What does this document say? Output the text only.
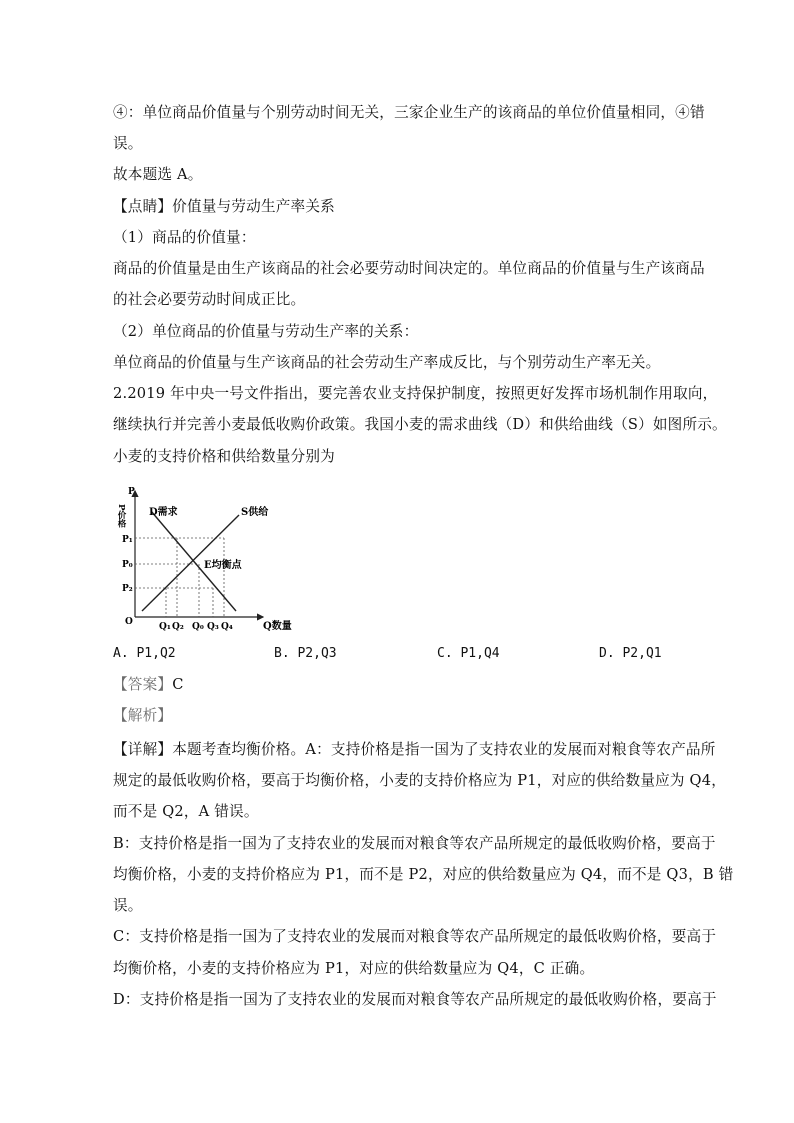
④：单位商品价值量与个别劳动时间无关，三家企业生产的该商品的单位价值量相同，④错
误。
故本题选 A。
【点睛】价值量与劳动生产率关系
（1）商品的价值量：
商品的价值量是由生产该商品的社会必要劳动时间决定的。单位商品的价值量与生产该商品
的社会必要劳动时间成正比。
（2）单位商品的价值量与劳动生产率的关系：
单位商品的价值量与生产该商品的社会劳动生产率成反比，与个别劳动生产率无关。
2.2019 年中央一号文件指出，要完善农业支持保护制度，按照更好发挥市场机制作用取向，
继续执行并完善小麦最低收购价政策。我国小麦的需求曲线（D）和供给曲线（S）如图所示。
小麦的支持价格和供给数量分别为
P
P价格 D需求	S供给
E均衡点
P₁
P₀
P₂
O	Q₁ Q₂ Q₀ Q₃ Q₄	Q数量
A. P1,Q2	B. P2,Q3	C. P1,Q4	D. P2,Q1
【答案】C
【解析】
【详解】本题考查均衡价格。A：支持价格是指一国为了支持农业的发展而对粮食等农产品所
规定的最低收购价格，要高于均衡价格，小麦的支持价格应为 P1，对应的供给数量应为 Q4，
而不是 Q2，A 错误。
B：支持价格是指一国为了支持农业的发展而对粮食等农产品所规定的最低收购价格，要高于
均衡价格，小麦的支持价格应为 P1，而不是 P2，对应的供给数量应为 Q4，而不是 Q3，B 错
误。
C：支持价格是指一国为了支持农业的发展而对粮食等农产品所规定的最低收购价格，要高于
均衡价格，小麦的支持价格应为 P1，对应的供给数量应为 Q4，C 正确。
D：支持价格是指一国为了支持农业的发展而对粮食等农产品所规定的最低收购价格，要高于
